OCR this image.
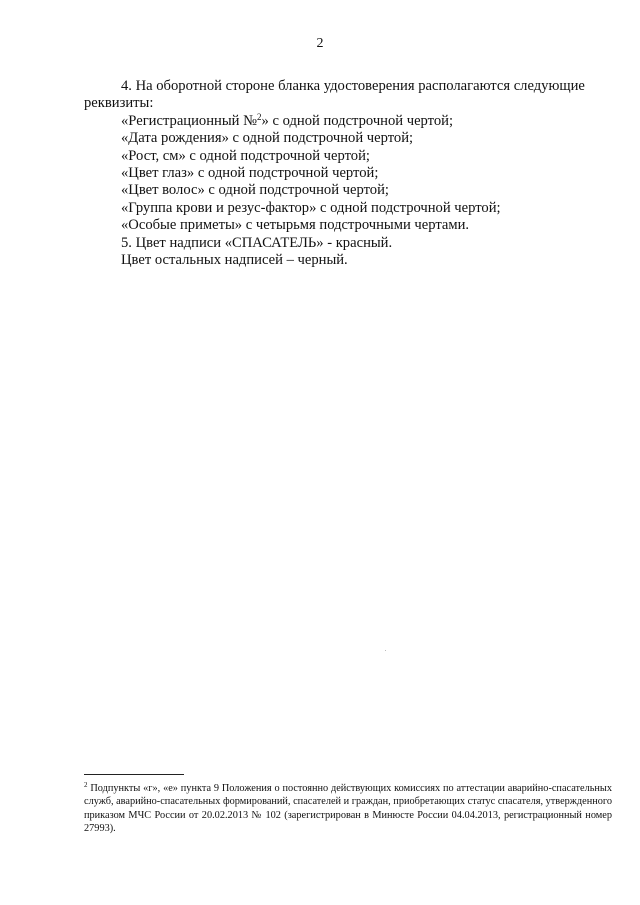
2

4. На оборотной стороне бланка удостоверения располагаются следующие реквизиты:

«Регистрационный №$^2$» с одной подстрочной чертой;

«Дата рождения» с одной подстрочной чертой;

«Рост, см» с одной подстрочной чертой;

«Цвет глаз» с одной подстрочной чертой;

«Цвет волос» с одной подстрочной чертой;

«Группа крови и резус-фактор» с одной подстрочной чертой;

«Особые приметы» с четырьмя подстрочными чертами.

5. Цвет надписи «СПАСАТЕЛЬ» - красный.

Цвет остальных надписей – черный.

$^2$ Подпункты «г», «е» пункта 9 Положения о постоянно действующих комиссиях по аттестации аварийно-спасательных служб, аварийно-спасательных формирований, спасателей и граждан, приобретающих статус спасателя, утвержденного приказом МЧС России от 20.02.2013 № 102 (зарегистрирован в Минюсте России 04.04.2013, регистрационный номер 27993).
